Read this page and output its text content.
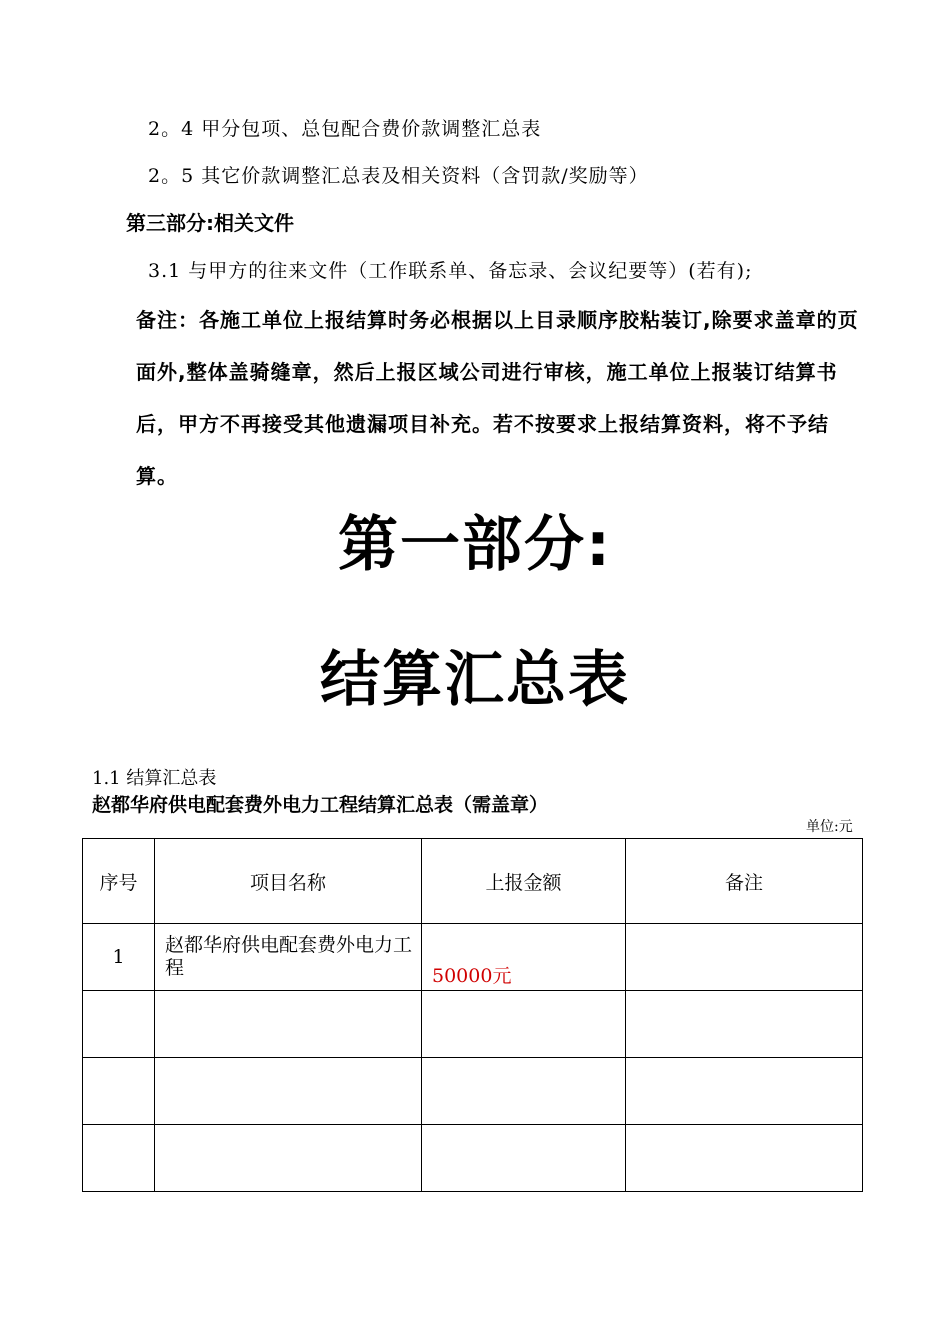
2。4 甲分包项、总包配合费价款调整汇总表
2。5 其它价款调整汇总表及相关资料（含罚款/奖励等）
第三部分:相关文件
3.1 与甲方的往来文件（工作联系单、备忘录、会议纪要等）(若有);
备注：各施工单位上报结算时务必根据以上目录顺序胶粘装订,除要求盖章的页面外,整体盖骑缝章，然后上报区域公司进行审核，施工单位上报装订结算书后，甲方不再接受其他遗漏项目补充。若不按要求上报结算资料，将不予结算。
第一部分:
结算汇总表
1.1 结算汇总表
赵都华府供电配套费外电力工程结算汇总表（需盖章）
单位:元
序号	项目名称	上报金额	备注
1	赵都华府供电配套费外电力工程	50000元	
